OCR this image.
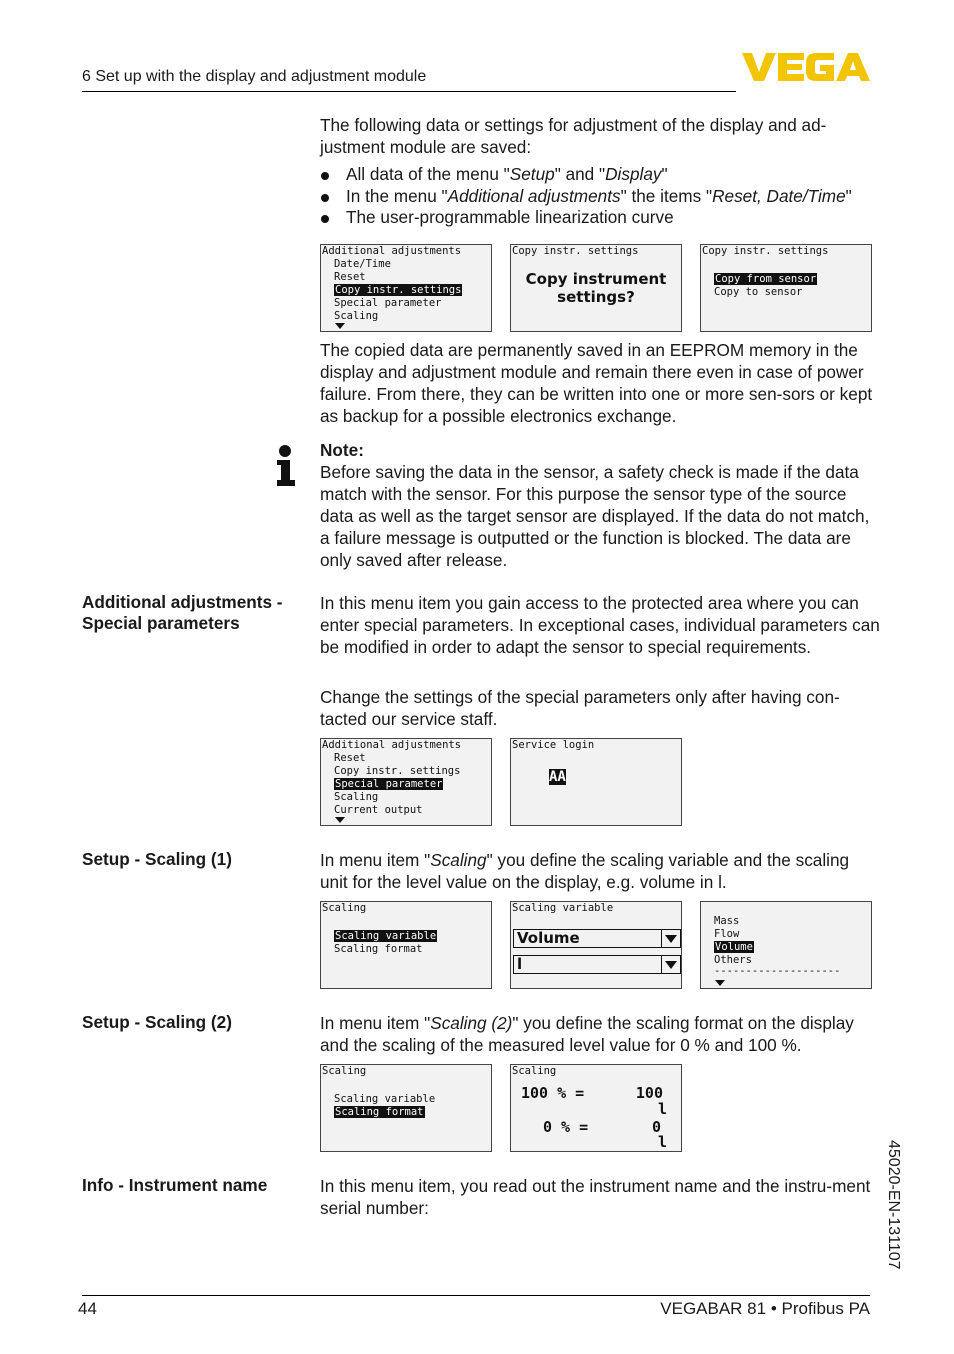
6 Set up with the display and adjustment module
The following data or settings for adjustment of the display and ad-justment module are saved:
All data of the menu "Setup" and "Display"
In the menu "Additional adjustments" the items "Reset, Date/Time"
The user-programmable linearization curve
Additional adjustments
Date/Time
Reset
Copy instr. settings
Special parameter
Scaling
Copy instr. settings
Copy instrument
settings?
Copy instr. settings
Copy from sensor
Copy to sensor
The copied data are permanently saved in an EEPROM memory in the display and adjustment module and remain there even in case of power failure. From there, they can be written into one or more sen-sors or kept as backup for a possible electronics exchange.
Note:
Before saving the data in the sensor, a safety check is made if the data match with the sensor. For this purpose the sensor type of the source data as well as the target sensor are displayed. If the data do not match, a failure message is outputted or the function is blocked. The data are only saved after release.
Additional adjustments - Special parameters
In this menu item you gain access to the protected area where you can enter special parameters. In exceptional cases, individual parameters can be modified in order to adapt the sensor to special requirements.
Change the settings of the special parameters only after having con-tacted our service staff.
Additional adjustments
Reset
Copy instr. settings
Special parameter
Scaling
Current output
Service login
AA
Setup - Scaling (1)	In menu item "Scaling" you define the scaling variable and the scaling unit for the level value on the display, e.g. volume in l.
Scaling
Scaling variable
Scaling format
Scaling variable
Volume
l
Mass
Flow
Volume
Others
--------------------
Setup - Scaling (2)	In menu item "Scaling (2)" you define the scaling format on the display and the scaling of the measured level value for 0 % and 100 %.
Scaling
Scaling variable
Scaling format
Scaling
100 % =	100
l
0 % =	0
l
Info - Instrument name	In this menu item, you read out the instrument name and the instru-ment serial number:	45020-EN-131107
44	VEGABAR 81 • Profibus PA
